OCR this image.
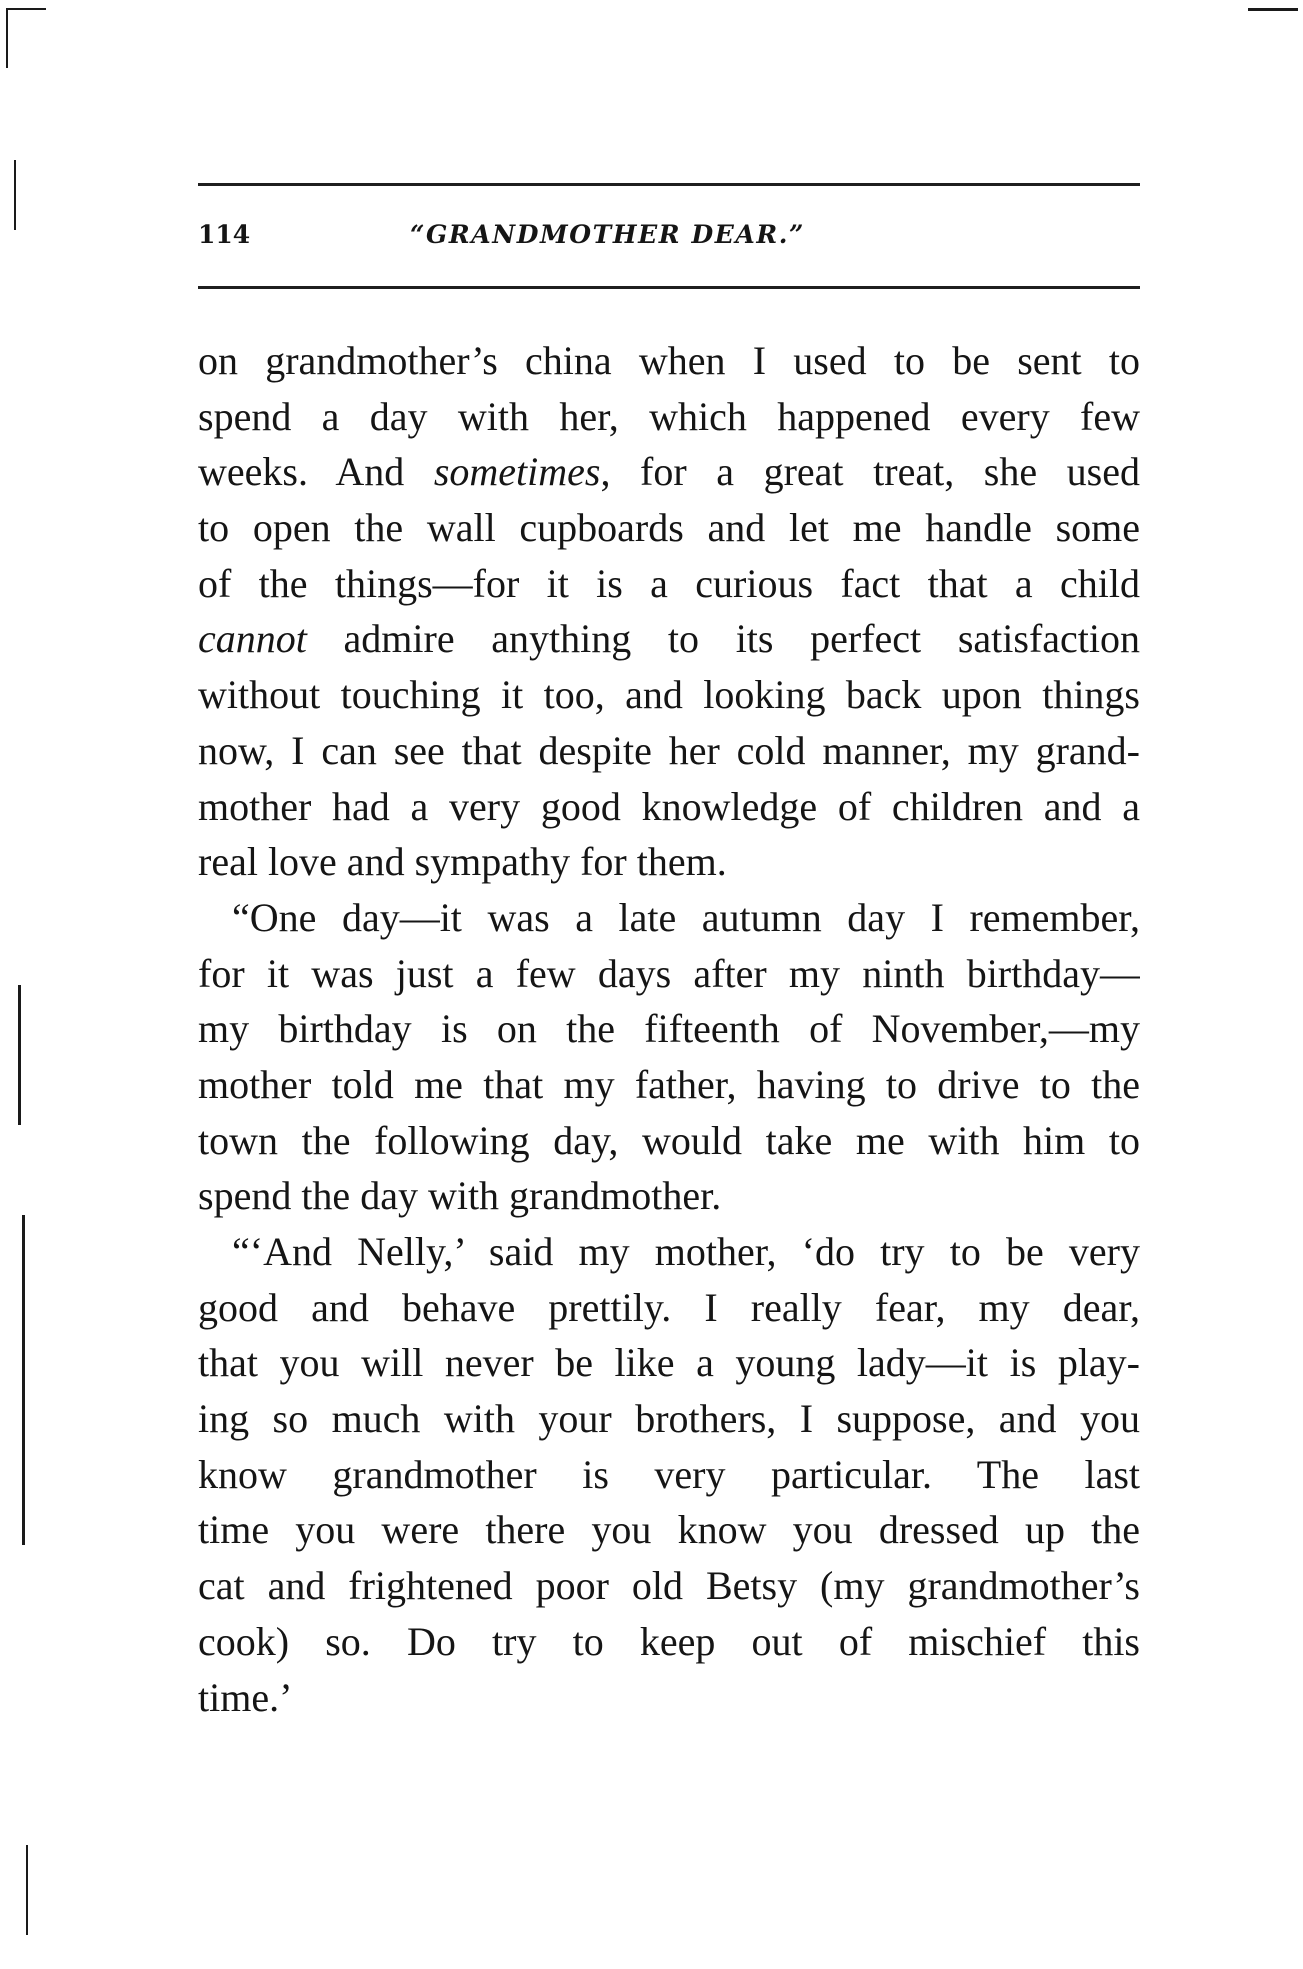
114	“GRANDMOTHER DEAR.”
on grandmother’s china when I used to be sent to
spend a day with her, which happened every few
weeks. And sometimes, for a great treat, she used
to open the wall cupboards and let me handle some
of the things—for it is a curious fact that a child
cannot admire anything to its perfect satisfaction
without touching it too, and looking back upon things
now, I can see that despite her cold manner, my grand-
mother had a very good knowledge of children and a
real love and sympathy for them.
“One day—it was a late autumn day I remember,
for it was just a few days after my ninth birthday—
my birthday is on the fifteenth of November,—my
mother told me that my father, having to drive to the
town the following day, would take me with him to
spend the day with grandmother.
“‘And Nelly,’ said my mother, ‘do try to be very
good and behave prettily. I really fear, my dear,
that you will never be like a young lady—it is play-
ing so much with your brothers, I suppose, and you
know grandmother is very particular. The last
time you were there you know you dressed up the
cat and frightened poor old Betsy (my grandmother’s
cook) so. Do try to keep out of mischief this
time.’
